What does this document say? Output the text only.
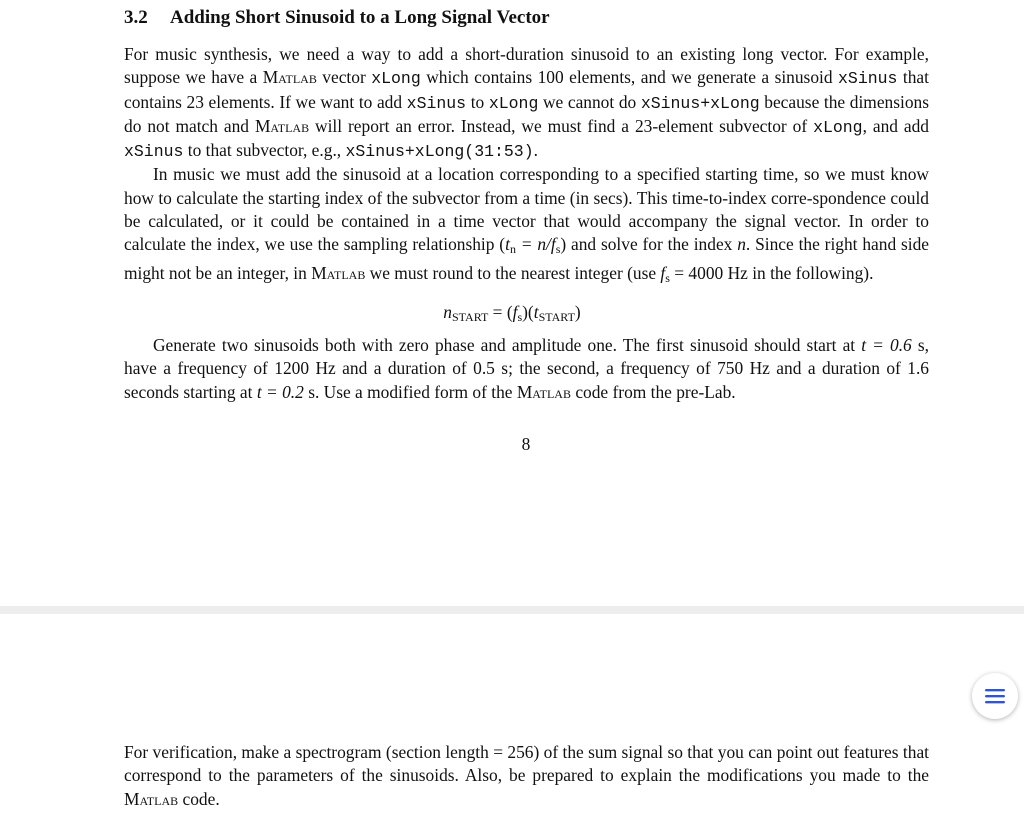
3.2 Adding Short Sinusoid to a Long Signal Vector
For music synthesis, we need a way to add a short-duration sinusoid to an existing long vector. For example, suppose we have a Matlab vector xLong which contains 100 elements, and we generate a sinusoid xSinus that contains 23 elements. If we want to add xSinus to xLong we cannot do xSinus+xLong because the dimensions do not match and Matlab will report an error. Instead, we must find a 23-element subvector of xLong, and add xSinus to that subvector, e.g., xSinus+xLong(31:53).
In music we must add the sinusoid at a location corresponding to a specified starting time, so we must know how to calculate the starting index of the subvector from a time (in secs). This time-to-index corre-spondence could be calculated, or it could be contained in a time vector that would accompany the signal vector. In order to calculate the index, we use the sampling relationship $(t_n = n/f_s)$ and solve for the index n. Since the right hand side might not be an integer, in Matlab we must round to the nearest integer (use $f_s = 4000$ Hz in the following).
$n_{START} = (f_s)(t_{START})$
Generate two sinusoids both with zero phase and amplitude one. The first sinusoid should start at t = 0.6 s, have a frequency of 1200 Hz and a duration of 0.5 s; the second, a frequency of 750 Hz and a duration of 1.6 seconds starting at t = 0.2 s. Use a modified form of the Matlab code from the pre-Lab.
8
For verification, make a spectrogram (section length = 256) of the sum signal so that you can point out features that correspond to the parameters of the sinusoids. Also, be prepared to explain the modifications you made to the Matlab code.
